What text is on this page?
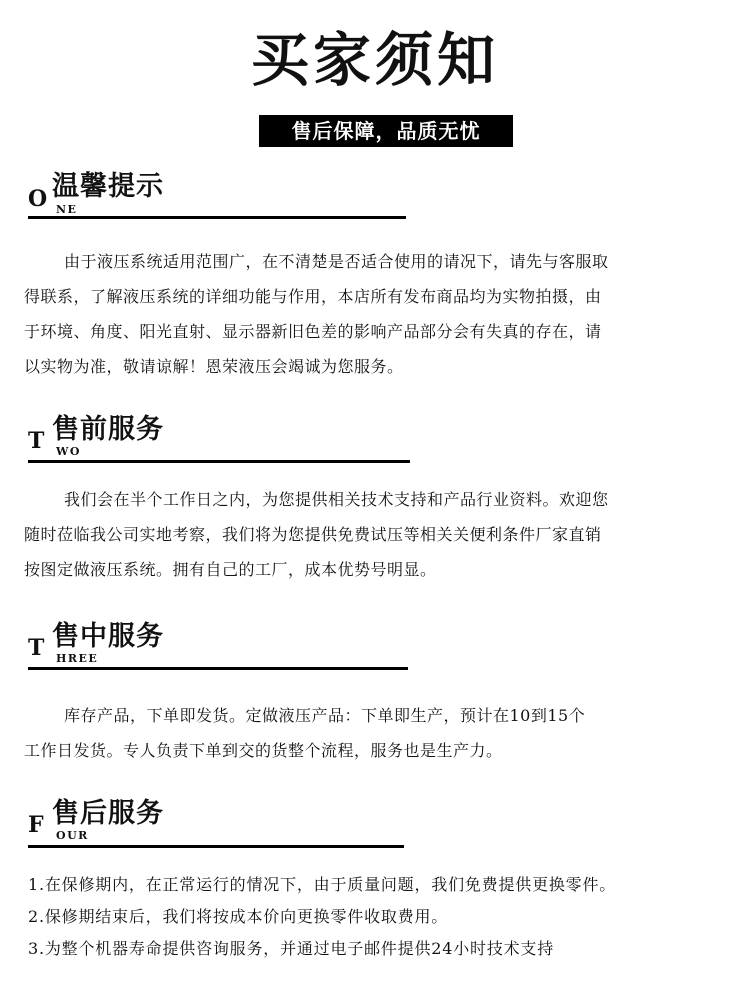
买家须知
售后保障，品质无忧
O 温馨提示
NE
由于液压系统适用范围广，在不清楚是否适合使用的请况下，请先与客服取
得联系，了解液压系统的详细功能与作用，本店所有发布商品均为实物拍摄，由
于环境、角度、阳光直射、显示器新旧色差的影响产品部分会有失真的存在，请
以实物为准，敬请谅解！恩荣液压会竭诚为您服务。
T 售前服务
WO
我们会在半个工作日之内，为您提供相关技术支持和产品行业资料。欢迎您
随时莅临我公司实地考察，我们将为您提供免费试压等相关关便利条件厂家直销
按图定做液压系统。拥有自己的工厂，成本优势号明显。
T 售中服务
HREE
库存产品，下单即发货。定做液压产品：下单即生产，预计在10到15个
工作日发货。专人负责下单到交的货整个流程，服务也是生产力。
F 售后服务
OUR
1.在保修期内，在正常运行的情况下，由于质量问题，我们免费提供更换零件。
2.保修期结束后，我们将按成本价向更换零件收取费用。
3.为整个机器寿命提供咨询服务，并通过电子邮件提供24小时技术支持
